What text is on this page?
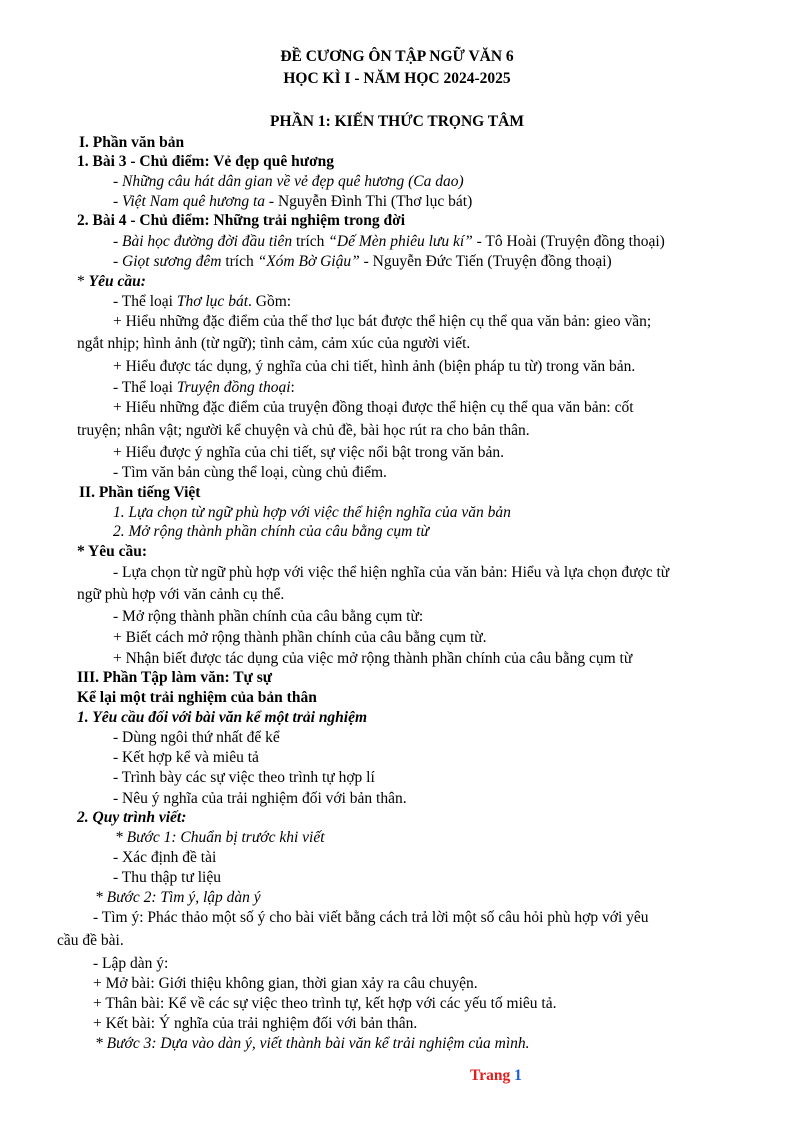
ĐỀ CƯƠNG ÔN TẬP NGỮ VĂN 6
HỌC KÌ I - NĂM HỌC 2024-2025
PHẦN 1: KIẾN THỨC TRỌNG TÂM
I. Phần văn bản
1. Bài 3 - Chủ điểm: Vẻ đẹp quê hương
- Những câu hát dân gian về vẻ đẹp quê hương (Ca dao)
- Việt Nam quê hương ta - Nguyễn Đình Thi (Thơ lục bát)
2. Bài 4 - Chủ điểm: Những trải nghiệm trong đời
- Bài học đường đời đầu tiên trích “Dế Mèn phiêu lưu kí” - Tô Hoài (Truyện đồng thoại)
- Giọt sương đêm trích “Xóm Bờ Giậu” - Nguyễn Đức Tiến (Truyện đồng thoại)
* Yêu cầu:
- Thể loại Thơ lục bát. Gồm:
+ Hiểu những đặc điểm của thể thơ lục bát được thể hiện cụ thể qua văn bản: gieo vần;
ngắt nhịp; hình ảnh (từ ngữ); tình cảm, cảm xúc của người viết.
+ Hiểu được tác dụng, ý nghĩa của chi tiết, hình ảnh (biện pháp tu từ) trong văn bản.
- Thể loại Truyện đồng thoại:
+ Hiểu những đặc điểm của truyện đồng thoại được thể hiện cụ thể qua văn bản: cốt
truyện; nhân vật; người kể chuyện và chủ đề, bài học rút ra cho bản thân.
+ Hiểu được ý nghĩa của chi tiết, sự việc nổi bật trong văn bản.
- Tìm văn bản cùng thể loại, cùng chủ điểm.
II. Phần tiếng Việt
1. Lựa chọn từ ngữ phù hợp với việc thể hiện nghĩa của văn bản
2. Mở rộng thành phần chính của câu bằng cụm từ
* Yêu cầu:
- Lựa chọn từ ngữ phù hợp với việc thể hiện nghĩa của văn bản: Hiểu và lựa chọn được từ
ngữ phù hợp với văn cảnh cụ thể.
- Mở rộng thành phần chính của câu bằng cụm từ:
+ Biết cách mở rộng thành phần chính của câu bằng cụm từ.
+ Nhận biết được tác dụng của việc mở rộng thành phần chính của câu bằng cụm từ
III. Phần Tập làm văn: Tự sự
Kể lại một trải nghiệm của bản thân
1. Yêu cầu đối với bài văn kể một trải nghiệm
- Dùng ngôi thứ nhất để kể
- Kết hợp kể và miêu tả
- Trình bày các sự việc theo trình tự hợp lí
- Nêu ý nghĩa của trải nghiệm đối với bản thân.
2. Quy trình viết:
* Bước 1: Chuẩn bị trước khi viết
- Xác định đề tài
- Thu thập tư liệu
* Bước 2: Tìm ý, lập dàn ý
- Tìm ý: Phác thảo một số ý cho bài viết bằng cách trả lời một số câu hỏi phù hợp với yêu
cầu đề bài.
- Lập dàn ý:
+ Mở bài: Giới thiệu không gian, thời gian xảy ra câu chuyện.
+ Thân bài: Kể về các sự việc theo trình tự, kết hợp với các yếu tố miêu tả.
+ Kết bài: Ý nghĩa của trải nghiệm đối với bản thân.
* Bước 3: Dựa vào dàn ý, viết thành bài văn kể trải nghiệm của mình.
Trang 1
